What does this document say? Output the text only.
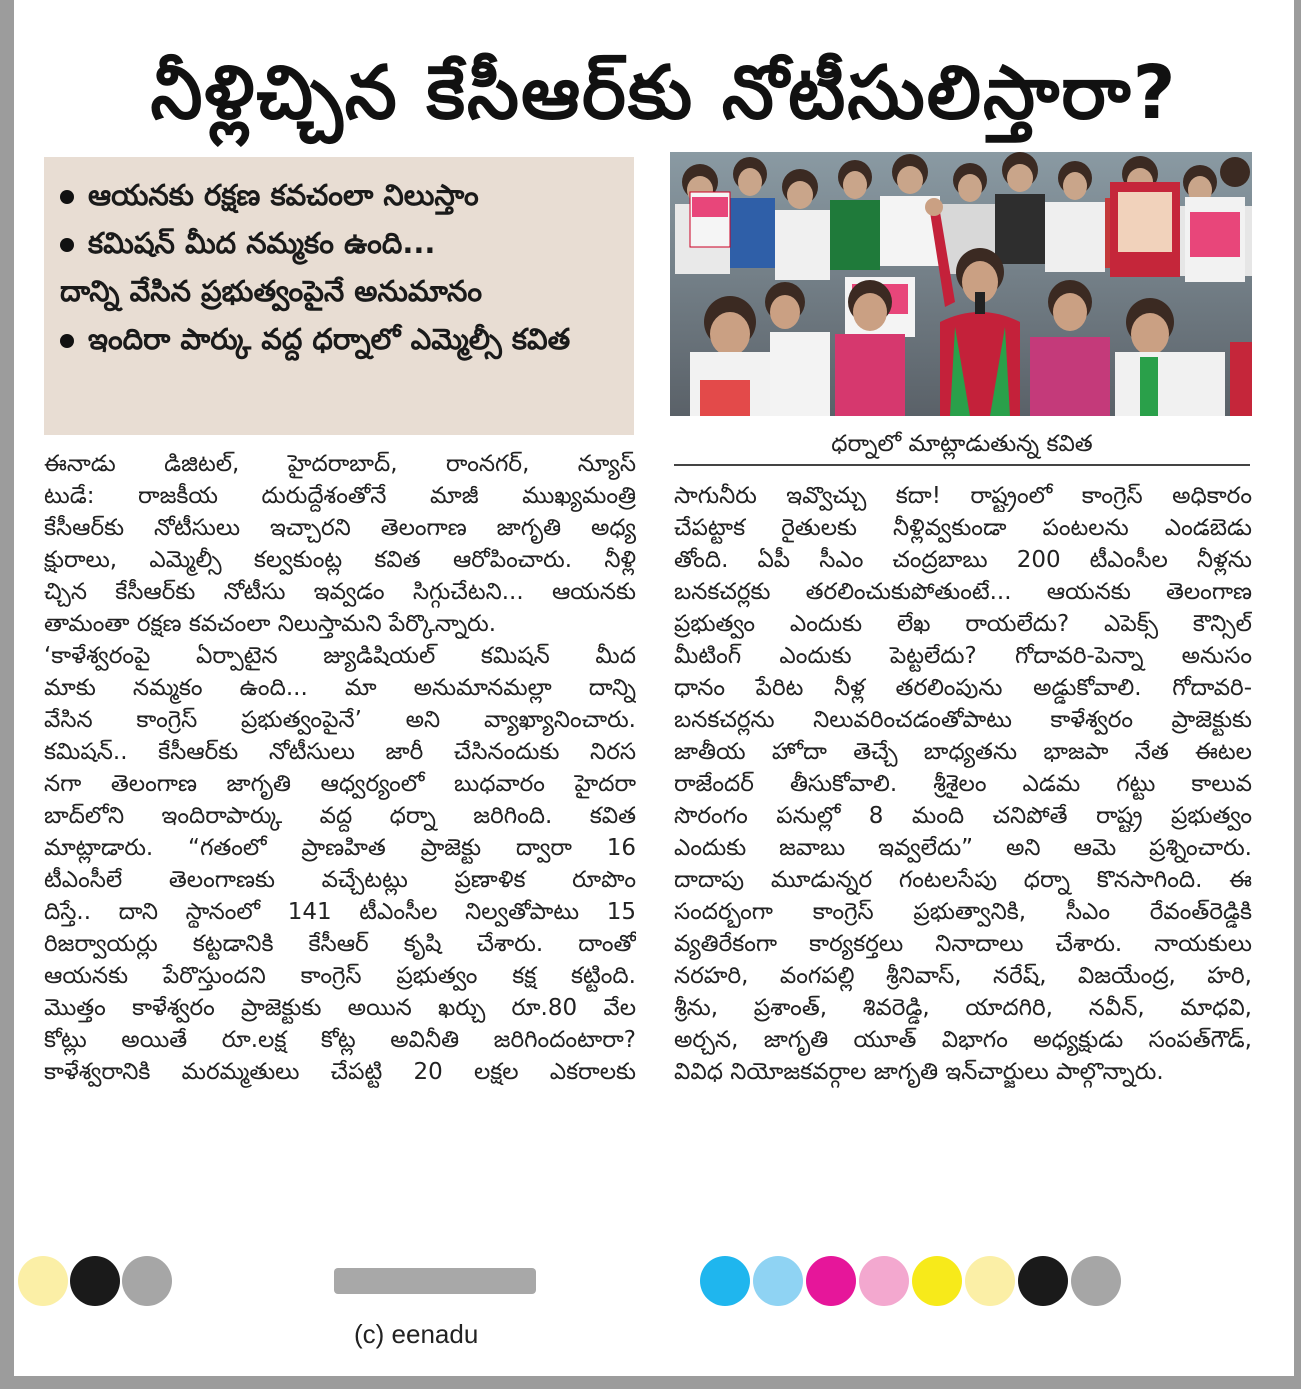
నీళ్లిచ్చిన కేసీఆర్‌కు నోటీసులిస్తారా?
ఆయనకు రక్షణ కవచంలా నిలుస్తాం
కమిషన్‌ మీద నమ్మకం ఉంది...
దాన్ని వేసిన ప్రభుత్వంపైనే అనుమానం
ఇందిరా పార్కు వద్ద ధర్నాలో ఎమ్మెల్సీ కవిత
ధర్నాలో మాట్లాడుతున్న కవిత
ఈనాడు డిజిటల్‌, హైదరాబాద్‌, రాంనగర్‌, న్యూస్‌
టుడే: రాజకీయ దురుద్దేశంతోనే మాజీ ముఖ్యమంత్రి
కేసీఆర్‌కు నోటీసులు ఇచ్చారని తెలంగాణ జాగృతి అధ్య
క్షురాలు, ఎమ్మెల్సీ కల్వకుంట్ల కవిత ఆరోపించారు. నీళ్లి
చ్చిన కేసీఆర్‌కు నోటీసు ఇవ్వడం సిగ్గుచేటని... ఆయనకు
తామంతా రక్షణ కవచంలా నిలుస్తామని పేర్కొన్నారు.
‘కాళేశ్వరంపై ఏర్పాటైన జ్యుడిషియల్‌ కమిషన్‌ మీద
మాకు నమ్మకం ఉంది... మా అనుమానమల్లా దాన్ని
వేసిన కాంగ్రెస్‌ ప్రభుత్వంపైనే’ అని వ్యాఖ్యానించారు.
కమిషన్‌.. కేసీఆర్‌కు నోటీసులు జారీ చేసినందుకు నిరస
నగా తెలంగాణ జాగృతి ఆధ్వర్యంలో బుధవారం హైదరా
బాద్‌లోని ఇందిరాపార్కు వద్ద ధర్నా జరిగింది. కవిత
మాట్లాడారు. “గతంలో ప్రాణహిత ప్రాజెక్టు ద్వారా 16
టీఎంసీలే తెలంగాణకు వచ్చేటట్లు ప్రణాళిక రూపొం
దిస్తే.. దాని స్థానంలో 141 టీఎంసీల నిల్వతోపాటు 15
రిజర్వాయర్లు కట్టడానికి కేసీఆర్‌ కృషి చేశారు. దాంతో
ఆయనకు పేరొస్తుందని కాంగ్రెస్‌ ప్రభుత్వం కక్ష కట్టింది.
మొత్తం కాళేశ్వరం ప్రాజెక్టుకు అయిన ఖర్చు రూ.80 వేల
కోట్లు అయితే రూ.లక్ష కోట్ల అవినీతి జరిగిందంటారా?
కాళేశ్వరానికి మరమ్మతులు చేపట్టి 20 లక్షల ఎకరాలకు
సాగునీరు ఇవ్వొచ్చు కదా! రాష్ట్రంలో కాంగ్రెస్‌ అధికారం
చేపట్టాక రైతులకు నీళ్లివ్వకుండా పంటలను ఎండబెడు
తోంది. ఏపీ సీఎం చంద్రబాబు 200 టీఎంసీల నీళ్లను
బనకచర్లకు తరలించుకుపోతుంటే... ఆయనకు తెలంగాణ
ప్రభుత్వం ఎందుకు లేఖ రాయలేదు? ఎపెక్స్‌ కౌన్సిల్‌
మీటింగ్‌ ఎందుకు పెట్టలేదు? గోదావరి-పెన్నా అనుసం
ధానం పేరిట నీళ్ల తరలింపును అడ్డుకోవాలి. గోదావరి-
బనకచర్లను నిలువరించడంతోపాటు కాళేశ్వరం ప్రాజెక్టుకు
జాతీయ హోదా తెచ్చే బాధ్యతను భాజపా నేత ఈటల
రాజేందర్‌ తీసుకోవాలి. శ్రీశైలం ఎడమ గట్టు కాలువ
సొరంగం పనుల్లో 8 మంది చనిపోతే రాష్ట్ర ప్రభుత్వం
ఎందుకు జవాబు ఇవ్వలేదు” అని ఆమె ప్రశ్నించారు.
దాదాపు మూడున్నర గంటలసేపు ధర్నా కొనసాగింది. ఈ
సందర్భంగా కాంగ్రెస్‌ ప్రభుత్వానికి, సీఎం రేవంత్‌రెడ్డికి
వ్యతిరేకంగా కార్యకర్తలు నినాదాలు చేశారు. నాయకులు
నరహరి, వంగపల్లి శ్రీనివాస్‌, నరేష్‌, విజయేంద్ర, హరి,
శ్రీను, ప్రశాంత్‌, శివరెడ్డి, యాదగిరి, నవీన్‌, మాధవి,
అర్చన, జాగృతి యూత్‌ విభాగం అధ్యక్షుడు సంపత్‌గౌడ్‌,
వివిధ నియోజకవర్గాల జాగృతి ఇన్‌చార్జులు పాల్గొన్నారు.
(c) eenadu
